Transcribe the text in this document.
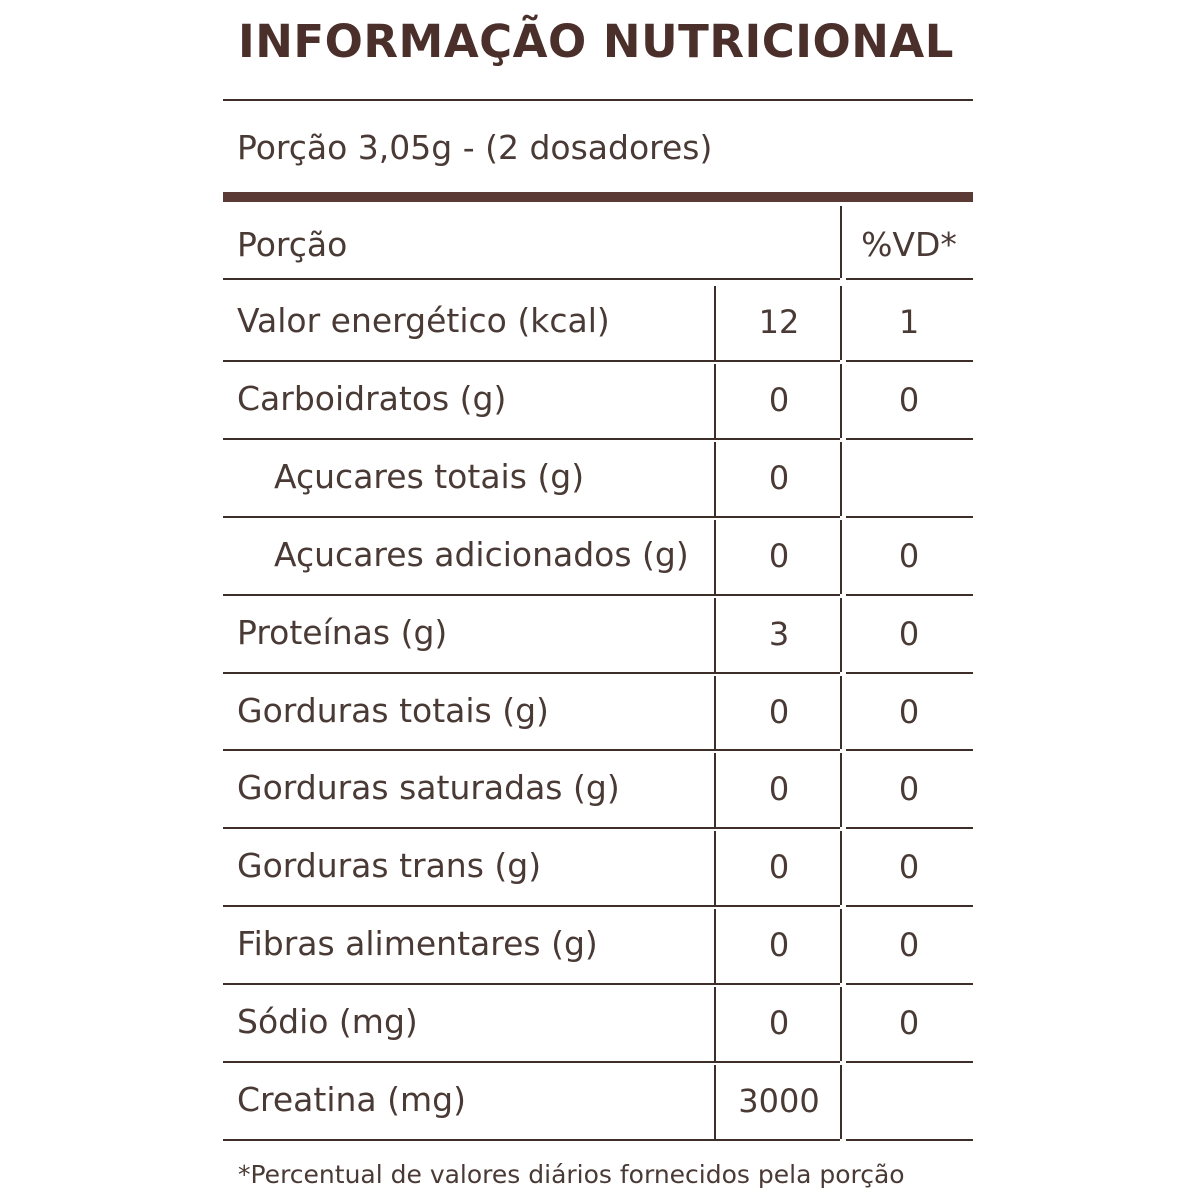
INFORMAÇÃO NUTRICIONAL
Porção 3,05g - (2 dosadores)
Porção	%VD*
Valor energético (kcal)	12	1
Carboidratos (g)	0	0
Açucares totais (g)	0
Açucares adicionados (g)	0	0
Proteínas (g)	3	0
Gorduras totais (g)	0	0
Gorduras saturadas (g)	0	0
Gorduras trans (g)	0	0
Fibras alimentares (g)	0	0
Sódio (mg)	0	0
Creatina (mg)	3000
*Percentual de valores diários fornecidos pela porção
